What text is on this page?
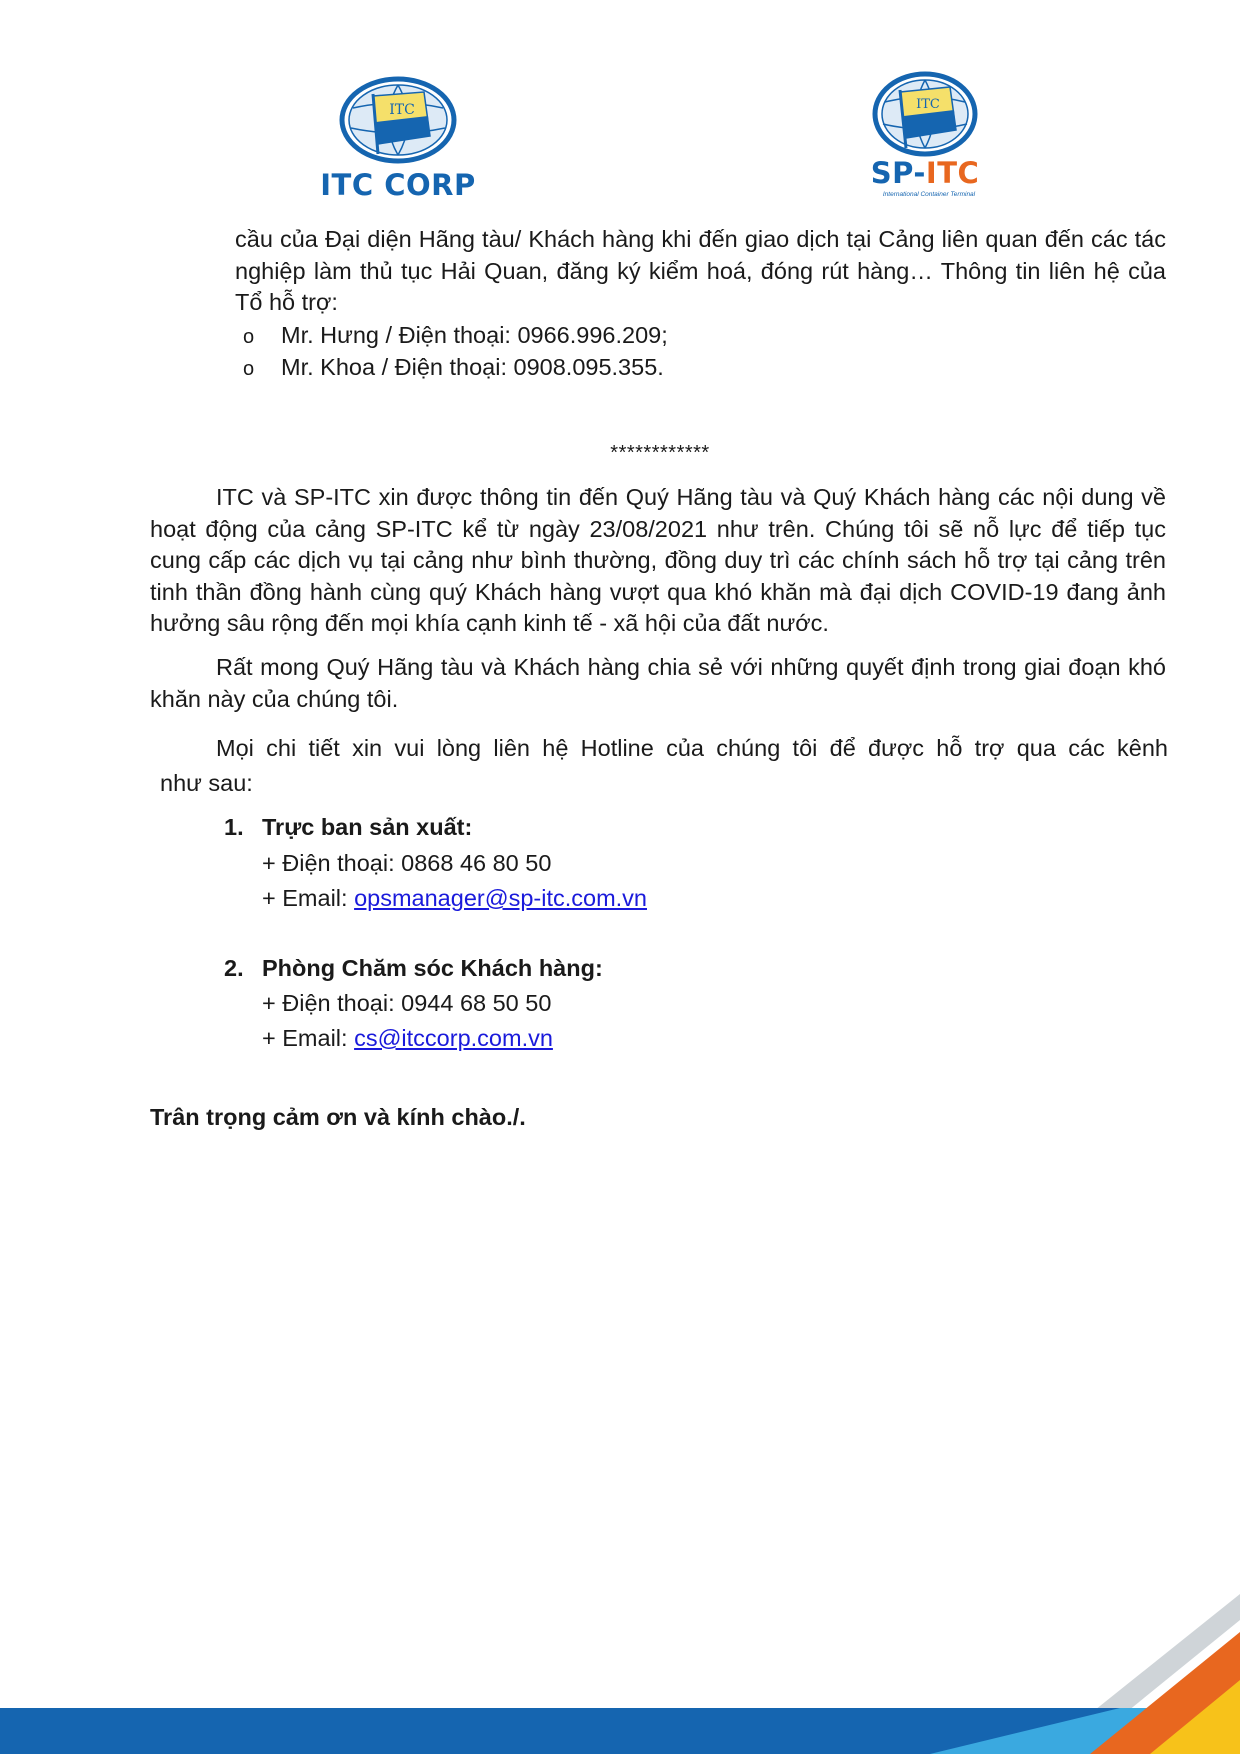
ITC
ITC CORP
ITC
SP-ITC
International Container Terminal
cầu của Đại diện Hãng tàu/ Khách hàng khi đến giao dịch tại Cảng liên quan đến các tác nghiệp làm thủ tục Hải Quan, đăng ký kiểm hoá, đóng rút hàng… Thông tin liên hệ của Tổ hỗ trợ:
o Mr. Hưng / Điện thoại: 0966.996.209;
o Mr. Khoa / Điện thoại: 0908.095.355.
************
ITC và SP-ITC xin được thông tin đến Quý Hãng tàu và Quý Khách hàng các nội dung về hoạt động của cảng SP-ITC kể từ ngày 23/08/2021 như trên. Chúng tôi sẽ nỗ lực để tiếp tục cung cấp các dịch vụ tại cảng như bình thường, đồng duy trì các chính sách hỗ trợ tại cảng trên tinh thần đồng hành cùng quý Khách hàng vượt qua khó khăn mà đại dịch COVID-19 đang ảnh hưởng sâu rộng đến mọi khía cạnh kinh tế - xã hội của đất nước.
Rất mong Quý Hãng tàu và Khách hàng chia sẻ với những quyết định trong giai đoạn khó khăn này của chúng tôi.
Mọi chi tiết xin vui lòng liên hệ Hotline của chúng tôi để được hỗ trợ qua các kênh
như sau:
1. Trực ban sản xuất:
+ Điện thoại: 0868 46 80 50
+ Email: opsmanager@sp-itc.com.vn
2. Phòng Chăm sóc Khách hàng:
+ Điện thoại: 0944 68 50 50
+ Email: cs@itccorp.com.vn
Trân trọng cảm ơn và kính chào./.
